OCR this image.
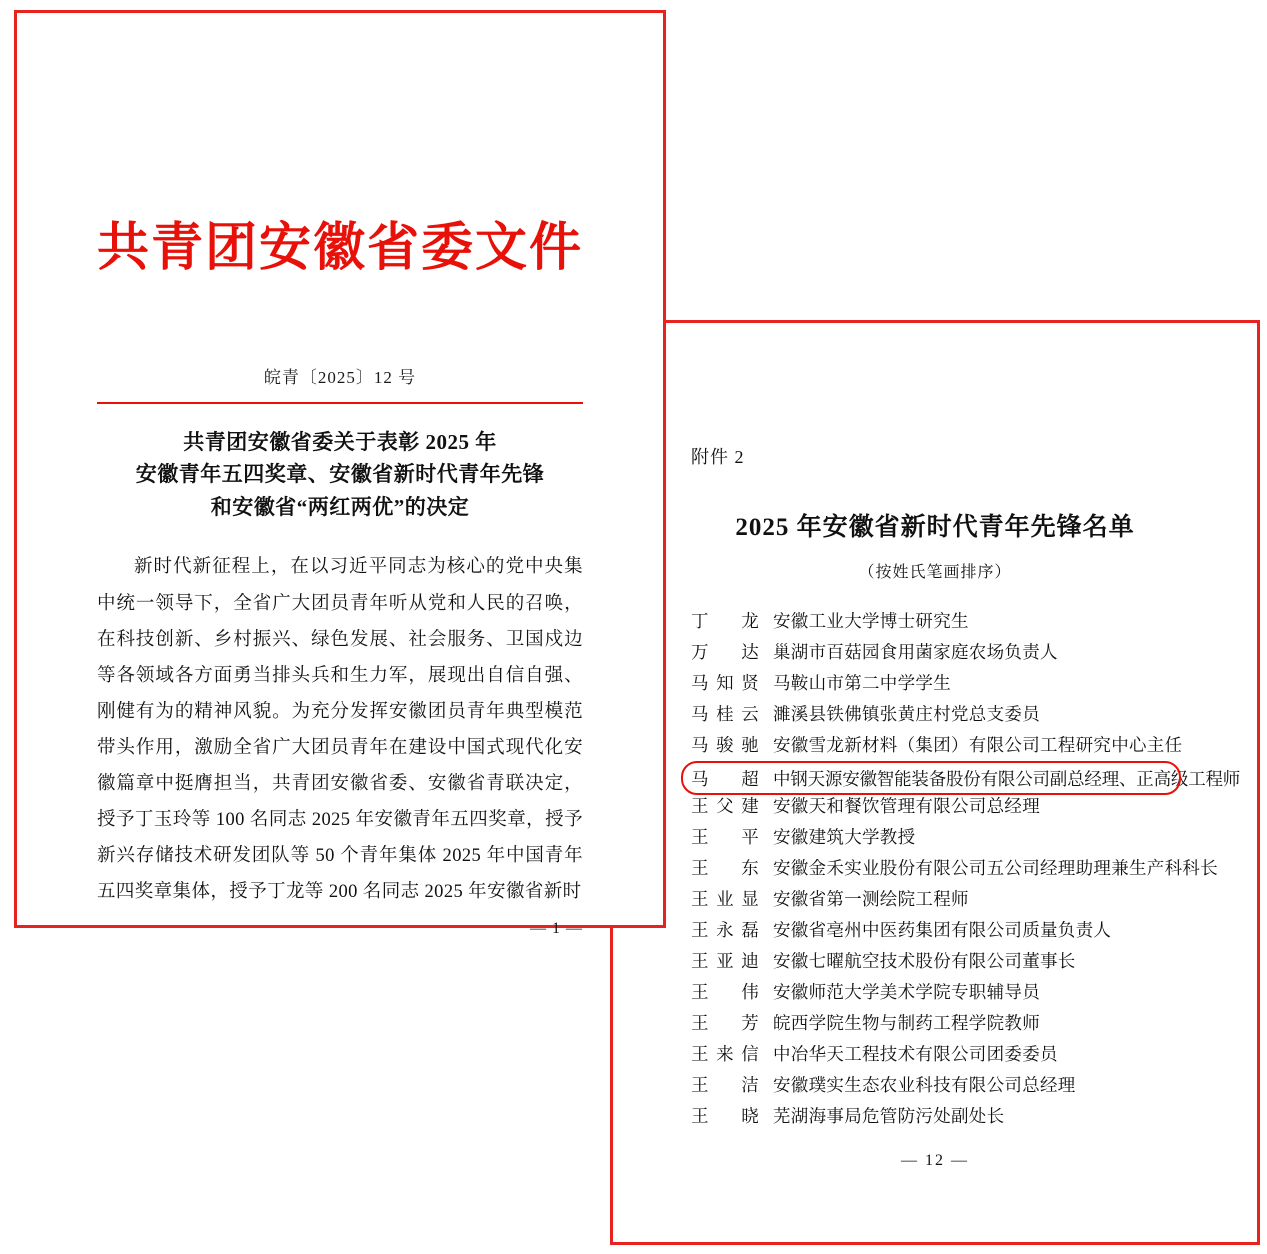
共青团安徽省委文件
皖青〔2025〕12 号
共青团安徽省委关于表彰 2025 年
安徽青年五四奖章、安徽省新时代青年先锋
和安徽省“两红两优”的决定
新时代新征程上，在以习近平同志为核心的党中央集中统一领导下，全省广大团员青年听从党和人民的召唤，在科技创新、乡村振兴、绿色发展、社会服务、卫国戍边等各领域各方面勇当排头兵和生力军，展现出自信自强、刚健有为的精神风貌。为充分发挥安徽团员青年典型模范带头作用，激励全省广大团员青年在建设中国式现代化安徽篇章中挺膺担当，共青团安徽省委、安徽省青联决定，授予丁玉玲等 100 名同志 2025 年安徽青年五四奖章，授予新兴存储技术研发团队等 50 个青年集体 2025 年中国青年五四奖章集体，授予丁龙等 200 名同志 2025 年安徽省新时
— 1 —
附件 2
2025 年安徽省新时代青年先锋名单
（按姓氏笔画排序）
丁龙 安徽工业大学博士研究生
万达 巢湖市百菇园食用菌家庭农场负责人
马知贤 马鞍山市第二中学学生
马桂云 濉溪县铁佛镇张黄庄村党总支委员
马骏驰 安徽雪龙新材料（集团）有限公司工程研究中心主任
马超 中钢天源安徽智能装备股份有限公司副总经理、正高级工程师
王父建 安徽天和餐饮管理有限公司总经理
王平 安徽建筑大学教授
王东 安徽金禾实业股份有限公司五公司经理助理兼生产科科长
王业显 安徽省第一测绘院工程师
王永磊 安徽省亳州中医药集团有限公司质量负责人
王亚迪 安徽七曜航空技术股份有限公司董事长
王伟 安徽师范大学美术学院专职辅导员
王芳 皖西学院生物与制药工程学院教师
王来信 中冶华天工程技术有限公司团委委员
王洁 安徽璞实生态农业科技有限公司总经理
王晓 芜湖海事局危管防污处副处长
— 12 —
